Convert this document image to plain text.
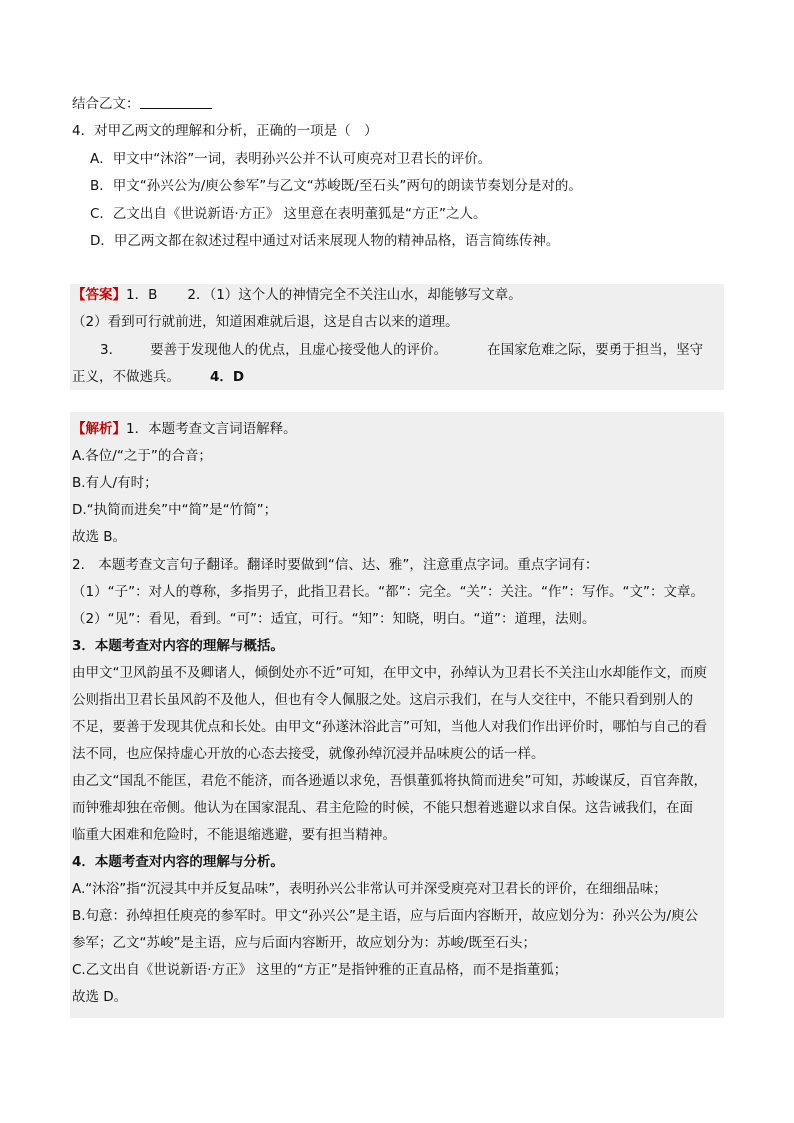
结合乙文：
4．对甲乙两文的理解和分析，正确的一项是（　）
A．甲文中“沐浴”一词，表明孙兴公并不认可庾亮对卫君长的评价。
B．甲文“孙兴公为/庾公参军”与乙文“苏峻既/至石头”两句的朗读节奏划分是对的。
C．乙文出自《世说新语·方正》 这里意在表明董狐是“方正”之人。
D．甲乙两文都在叙述过程中通过对话来展现人物的精神品格，语言简练传神。
【答案】1．B 2．（1）这个人的神情完全不关注山水，却能够写文章。
（2）看到可行就前进，知道困难就后退，这是自古以来的道理。
3． 要善于发现他人的优点，且虚心接受他人的评价。	在国家危难之际，要勇于担当，坚守
正义，不做逃兵。 4．D
【解析】1．本题考查文言词语解释。
A.各位/“之于”的合音；
B.有人/有时；
D.“执简而进矣”中“简”是“竹简”；
故选 B。
2． 本题考查文言句子翻译。翻译时要做到“信、达、雅”，注意重点字词。重点字词有：
（1）“子”：对人的尊称，多指男子，此指卫君长。“都”：完全。“关”：关注。“作”：写作。“文”：文章。
（2）“见”：看见，看到。“可”：适宜，可行。“知”：知晓，明白。“道”：道理，法则。
3．本题考查对内容的理解与概括。
由甲文“卫风韵虽不及卿诸人，倾倒处亦不近”可知，在甲文中，孙绰认为卫君长不关注山水却能作文，而庾
公则指出卫君长虽风韵不及他人，但也有令人佩服之处。这启示我们，在与人交往中，不能只看到别人的
不足，要善于发现其优点和长处。由甲文“孙遂沐浴此言”可知，当他人对我们作出评价时，哪怕与自己的看
法不同，也应保持虚心开放的心态去接受，就像孙绰沉浸并品味庾公的话一样。
由乙文“国乱不能匡，君危不能济，而各逊遁以求免，吾惧董狐将执简而进矣”可知，苏峻谋反，百官奔散，
而钟雅却独在帝侧。他认为在国家混乱、君主危险的时候，不能只想着逃避以求自保。这告诫我们，在面
临重大困难和危险时，不能退缩逃避，要有担当精神。
4．本题考查对内容的理解与分析。
A.“沐浴”指“沉浸其中并反复品味”，表明孙兴公非常认可并深受庾亮对卫君长的评价，在细细品味；
B.句意：孙绰担任庾亮的参军时。甲文“孙兴公”是主语，应与后面内容断开，故应划分为：孙兴公为/庾公
参军；乙文“苏峻”是主语，应与后面内容断开，故应划分为：苏峻/既至石头；
C.乙文出自《世说新语·方正》 这里的“方正”是指钟雅的正直品格，而不是指董狐；
故选 D。
